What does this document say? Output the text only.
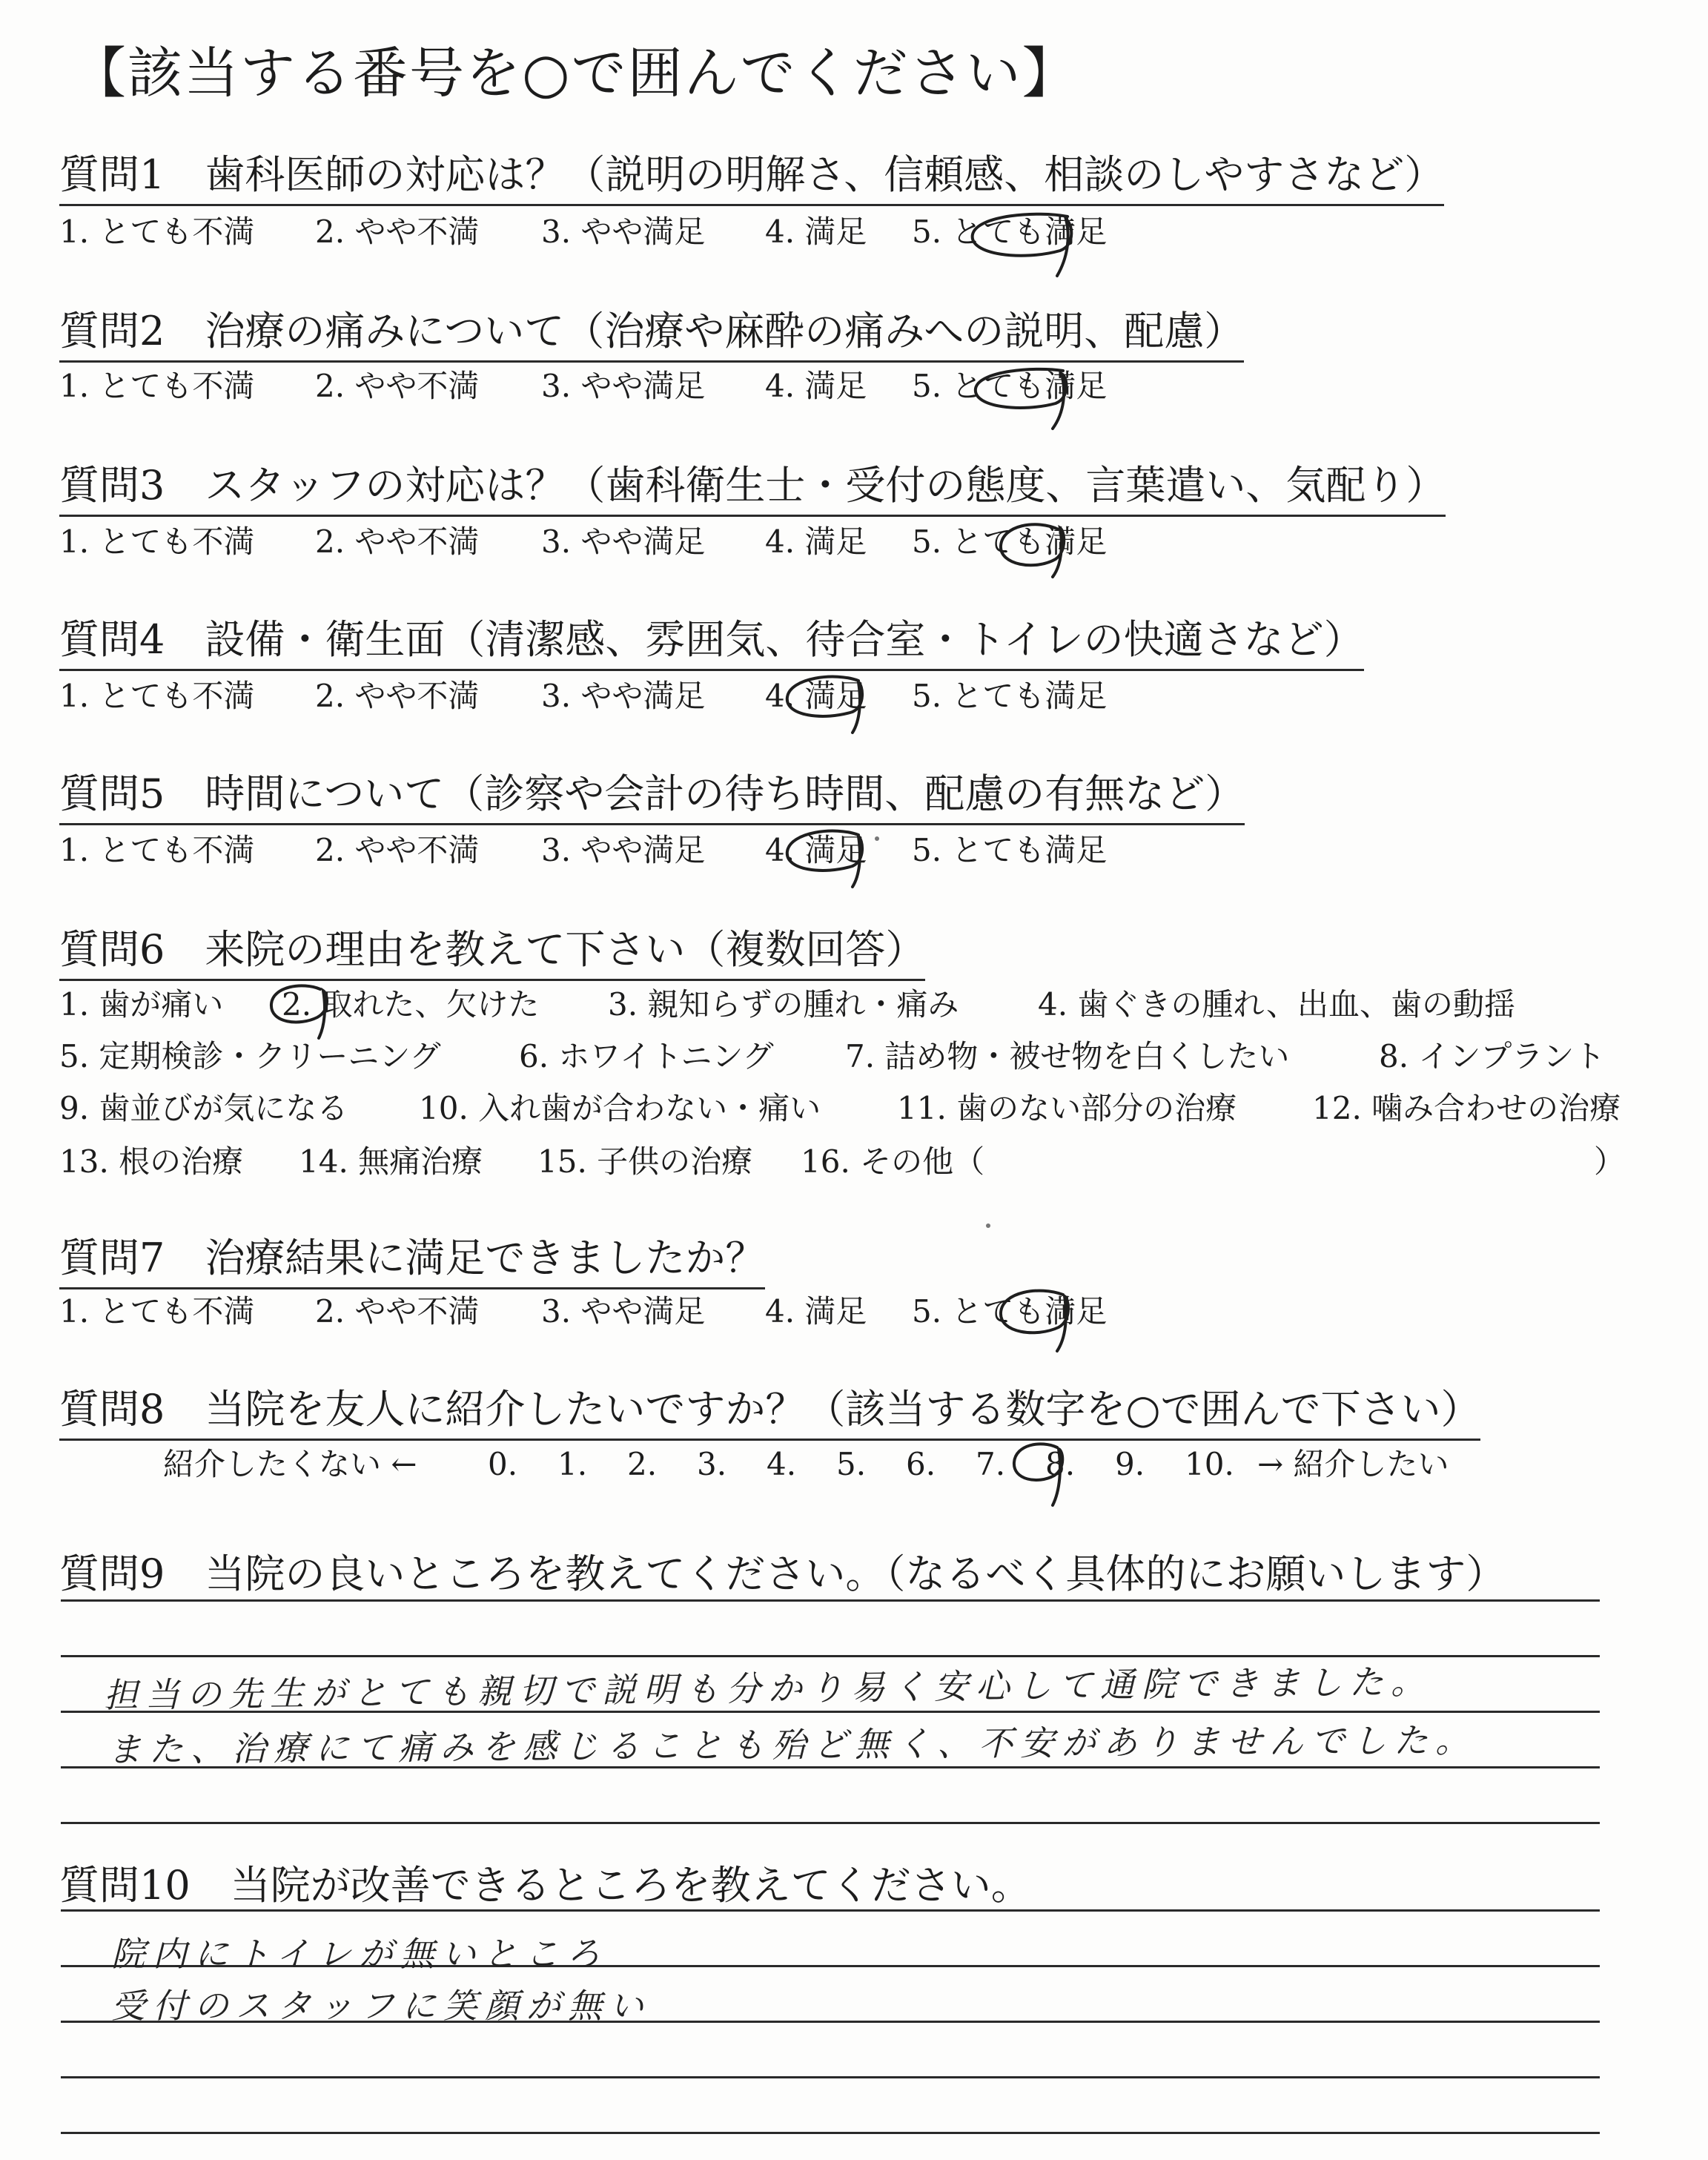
【該当する番号を○で囲んでください】
質問1　歯科医師の対応は？（説明の明解さ、信頼感、相談のしやすさなど）
1. とても不満 2. やや不満 3. やや満足 4. 満足 5. とても満足
質問2　治療の痛みについて（治療や麻酔の痛みへの説明、配慮）
1. とても不満 2. やや不満 3. やや満足 4. 満足 5. とても満足
質問3　スタッフの対応は？（歯科衛生士・受付の態度、言葉遣い、気配り）
1. とても不満 2. やや不満 3. やや満足 4. 満足 5. とても満足
質問4　設備・衛生面（清潔感、雰囲気、待合室・トイレの快適さなど）
1. とても不満 2. やや不満 3. やや満足 4. 満足 5. とても満足
質問5　時間について（診察や会計の待ち時間、配慮の有無など）
1. とても不満 2. やや不満 3. やや満足 4. 満足 5. とても満足
質問6　来院の理由を教えて下さい（複数回答）
1. 歯が痛い 2. 取れた、欠けた 3. 親知らずの腫れ・痛み	4. 歯ぐきの腫れ、出血、歯の動揺
5. 定期検診・クリーニング	6. ホワイトニング 7. 詰め物・被せ物を白くしたい	8. インプラント
9. 歯並びが気になる 10. 入れ歯が合わない・痛い 11. 歯のない部分の治療 12. 噛み合わせの治療
13. 根の治療 14. 無痛治療 15. 子供の治療 16. その他（	）
質問7　治療結果に満足できましたか？
1. とても不満 2. やや不満 3. やや満足 4. 満足 5. とても満足
質問8　当院を友人に紹介したいですか？（該当する数字を○で囲んで下さい）
紹介したくない ← 0. 1. 2. 3. 4. 5. 6. 7. 8. 9. 10. → 紹介したい
質問9　当院の良いところを教えてください。（なるべく具体的にお願いします）
担当の先生がとても親切で説明も分かり易く安心して通院できました。
また、治療にて痛みを感じることも殆ど無く、不安がありませんでした。
質問10　当院が改善できるところを教えてください。
院内にトイレが無いところ
受付のスタッフに笑顔が無い
